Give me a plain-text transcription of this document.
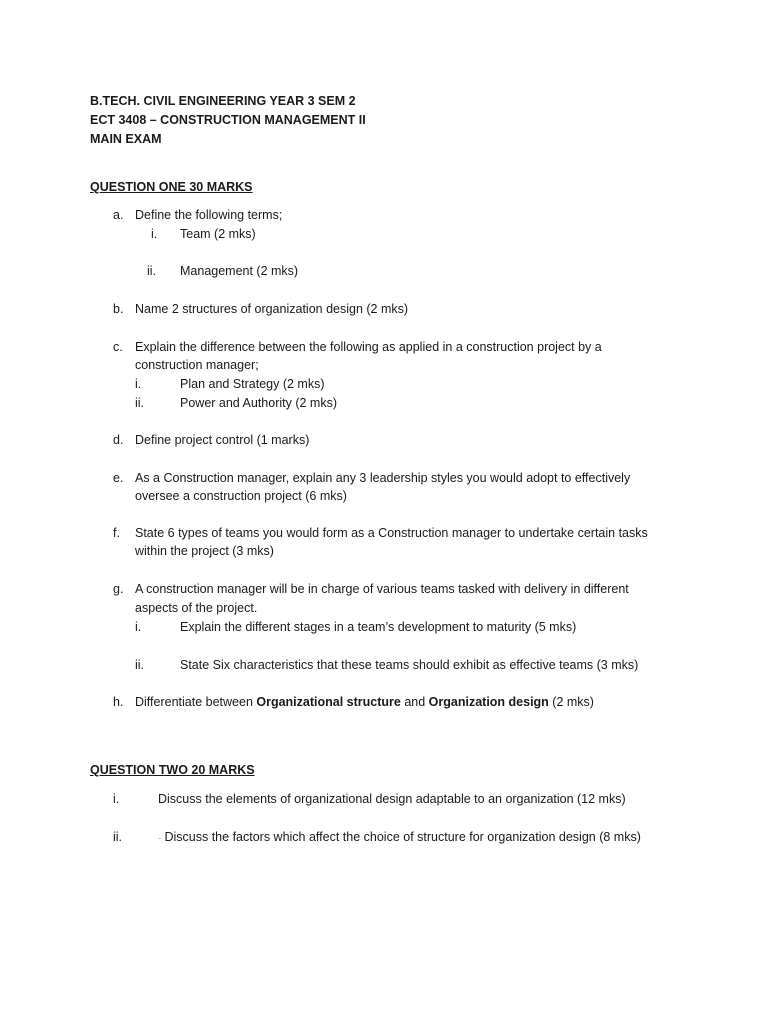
B.TECH. CIVIL ENGINEERING YEAR 3 SEM 2
ECT 3408 – CONSTRUCTION MANAGEMENT II
MAIN EXAM
QUESTION ONE 30 MARKS
a. Define the following terms;
i. Team (2 mks)
ii. Management (2 mks)
b. Name 2 structures of organization design (2 mks)
c. Explain the difference between the following as applied in a construction project by a
construction manager;
i.	Plan and Strategy (2 mks)
ii.	Power and Authority (2 mks)
d. Define project control (1 marks)
e. As a Construction manager, explain any 3 leadership styles you would adopt to effectively
oversee a construction project (6 mks)
f. State 6 types of teams you would form as a Construction manager to undertake certain tasks
within the project (3 mks)
g. A construction manager will be in charge of various teams tasked with delivery in different
aspects of the project.
i.	Explain the different stages in a team’s development to maturity (5 mks)
ii.	State Six characteristics that these teams should exhibit as effective teams (3 mks)
h. Differentiate between Organizational structure and Organization design (2 mks)
QUESTION TWO 20 MARKS
i.	Discuss the elements of organizational design adaptable to an organization (12 mks)
ii.	- Discuss the factors which affect the choice of structure for organization design (8 mks)
